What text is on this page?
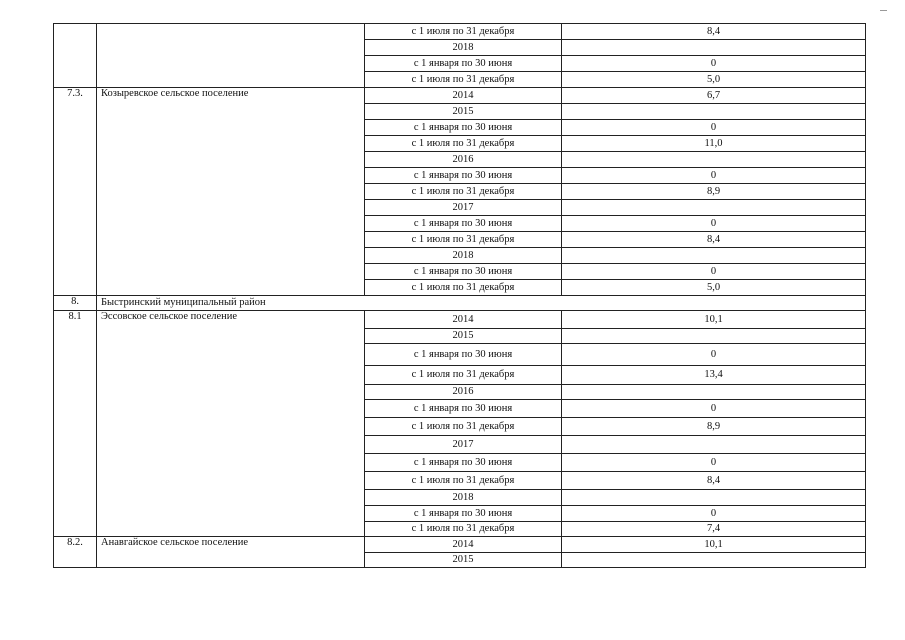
		с 1 июля по 31 декабря	8,4
		2018	
		с 1 января по 30 июня	0
		с 1 июля по 31 декабря	5,0
7.3.	Козыревское сельское поселение	2014	6,7
		2015	
		с 1 января по 30 июня	0
		с 1 июля по 31 декабря	11,0
		2016	
		с 1 января по 30 июня	0
		с 1 июля по 31 декабря	8,9
		2017	
		с 1 января по 30 июня	0
		с 1 июля по 31 декабря	8,4
		2018	
		с 1 января по 30 июня	0
		с 1 июля по 31 декабря	5,0
8.	Быстринский муниципальный район		
8.1	Эссовское сельское поселение	2014	10,1
		2015	
		с 1 января по 30 июня	0
		с 1 июля по 31 декабря	13,4
		2016	
		с 1 января по 30 июня	0
		с 1 июля по 31 декабря	8,9
		2017	
		с 1 января по 30 июня	0
		с 1 июля по 31 декабря	8,4
		2018	
		с 1 января по 30 июня	0
		с 1 июля по 31 декабря	7,4
8.2.	Анавгайское сельское поселение	2014	10,1
		2015	
